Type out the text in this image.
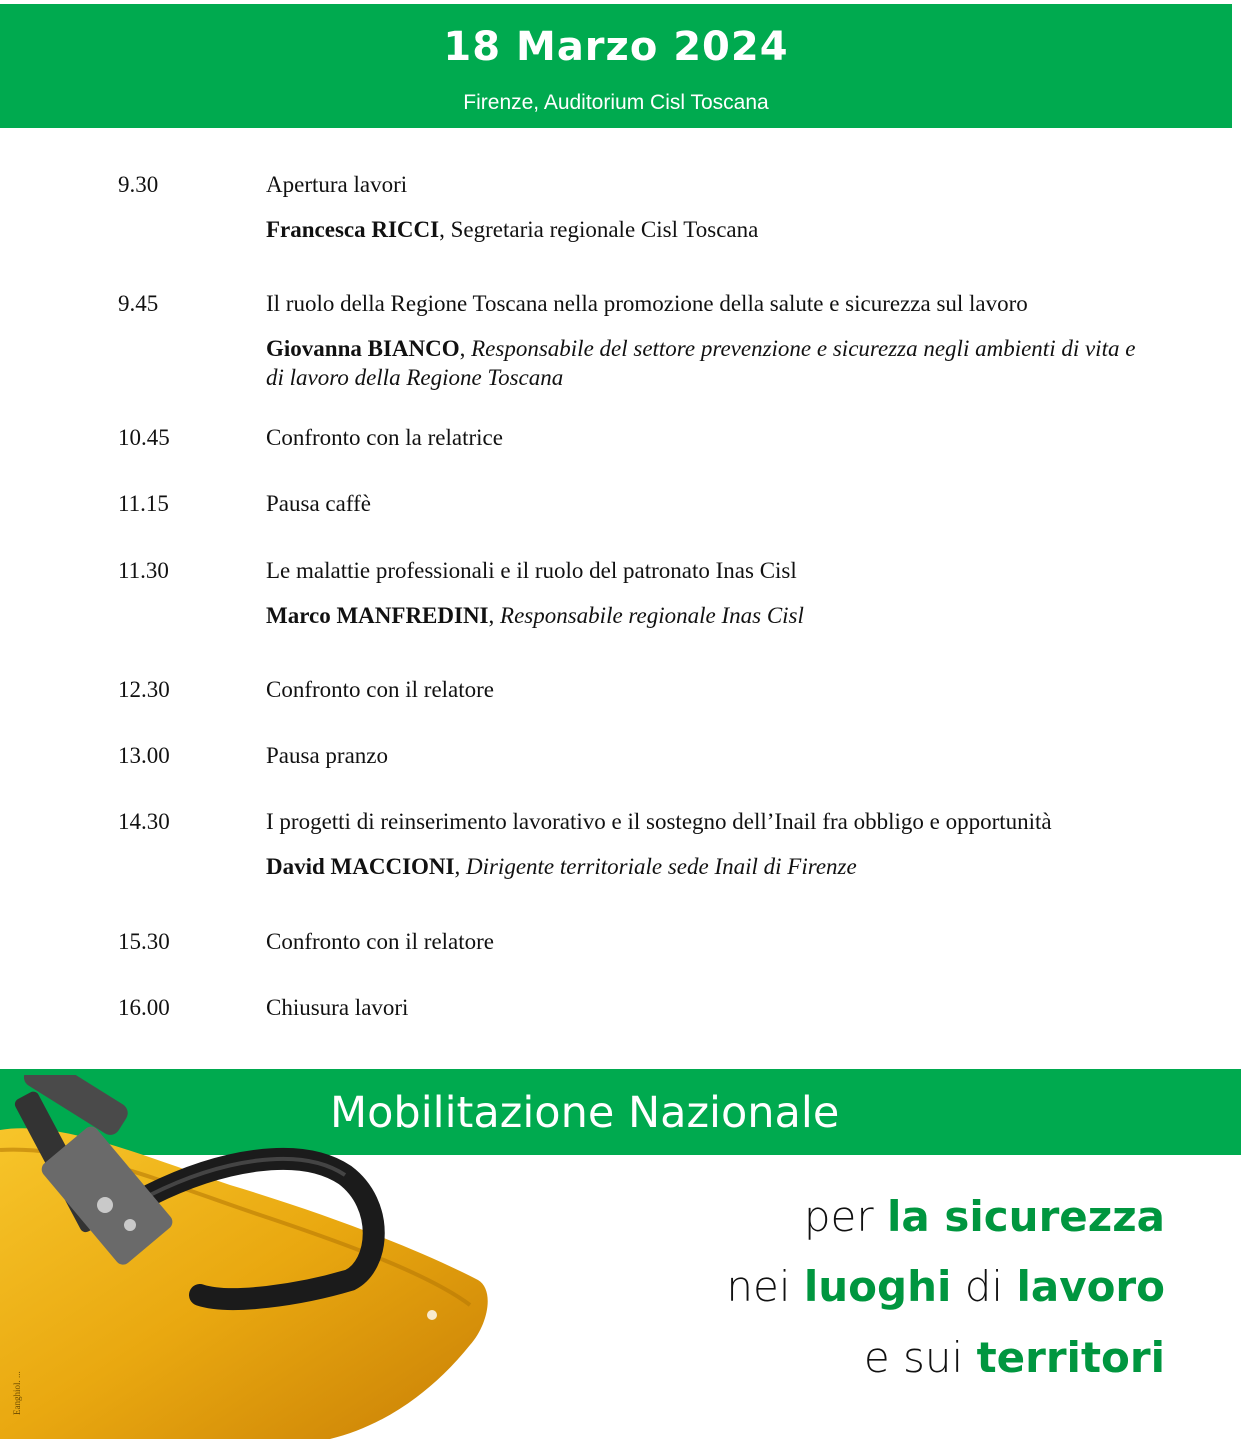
18 Marzo 2024
Firenze, Auditorium Cisl Toscana
9.30	Apertura lavori
Francesca RICCI, Segretaria regionale Cisl Toscana
9.45	Il ruolo della Regione Toscana nella promozione della salute e sicurezza sul lavoro
Giovanna BIANCO, Responsabile del settore prevenzione e sicurezza negli ambienti di vita e di lavoro della Regione Toscana
10.45	Confronto con la relatrice
11.15	Pausa caffè
11.30	Le malattie professionali e il ruolo del patronato Inas Cisl
Marco MANFREDINI, Responsabile regionale Inas Cisl
12.30	Confronto con il relatore
13.00	Pausa pranzo
14.30	I progetti di reinserimento lavorativo e il sostegno dell’Inail fra obbligo e opportunità
David MACCIONI, Dirigente territoriale sede Inail di Firenze
15.30	Confronto con il relatore
16.00	Chiusura lavori
Mobilitazione Nazionale
Eanghiol. ...
per la sicurezza
nei luoghi di lavoro
e sui territori
